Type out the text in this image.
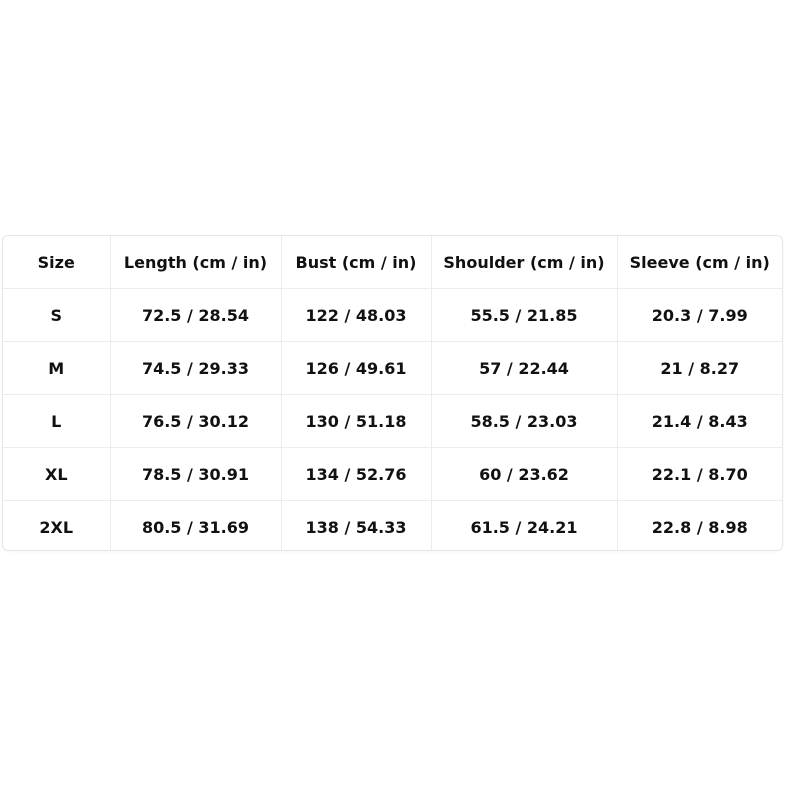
Size	Length (cm / in)	Bust (cm / in)	Shoulder (cm / in)	Sleeve (cm / in)
S	72.5 / 28.54	122 / 48.03	55.5 / 21.85	20.3 / 7.99
M	74.5 / 29.33	126 / 49.61	57 / 22.44	21 / 8.27
L	76.5 / 30.12	130 / 51.18	58.5 / 23.03	21.4 / 8.43
XL	78.5 / 30.91	134 / 52.76	60 / 23.62	22.1 / 8.70
2XL	80.5 / 31.69	138 / 54.33	61.5 / 24.21	22.8 / 8.98
